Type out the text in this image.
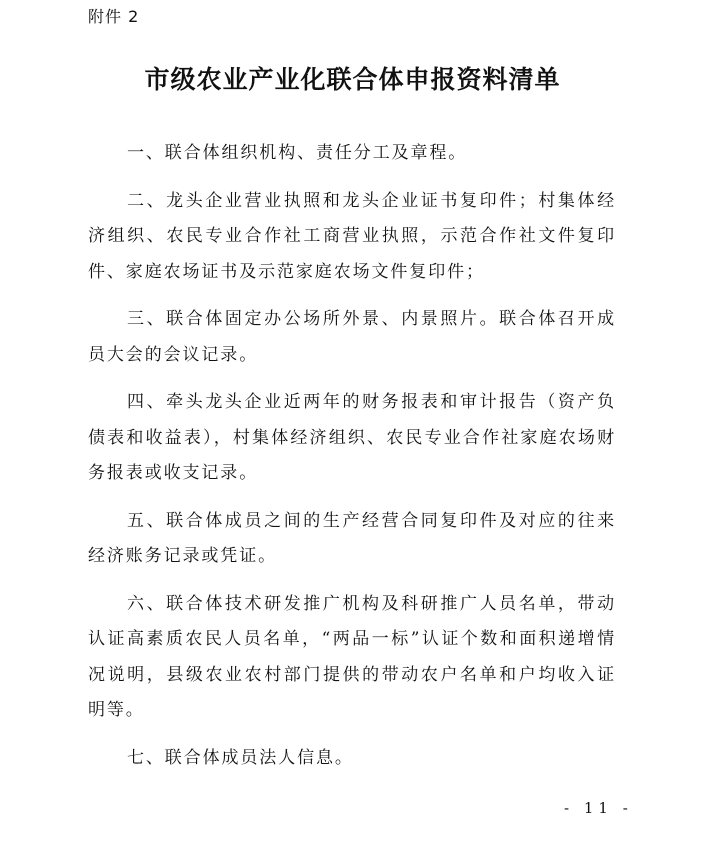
附件 2
市级农业产业化联合体申报资料清单

一、联合体组织机构、责任分工及章程。

二、龙头企业营业执照和龙头企业证书复印件；村集体经济组织、农民专业合作社工商营业执照，示范合作社文件复印件、家庭农场证书及示范家庭农场文件复印件；

三、联合体固定办公场所外景、内景照片。联合体召开成员大会的会议记录。

四、牵头龙头企业近两年的财务报表和审计报告（资产负债表和收益表），村集体经济组织、农民专业合作社家庭农场财务报表或收支记录。

五、联合体成员之间的生产经营合同复印件及对应的往来经济账务记录或凭证。

六、联合体技术研发推广机构及科研推广人员名单，带动认证高素质农民人员名单，“两品一标”认证个数和面积递增情况说明，县级农业农村部门提供的带动农户名单和户均收入证明等。

七、联合体成员法人信息。

- 11 -
